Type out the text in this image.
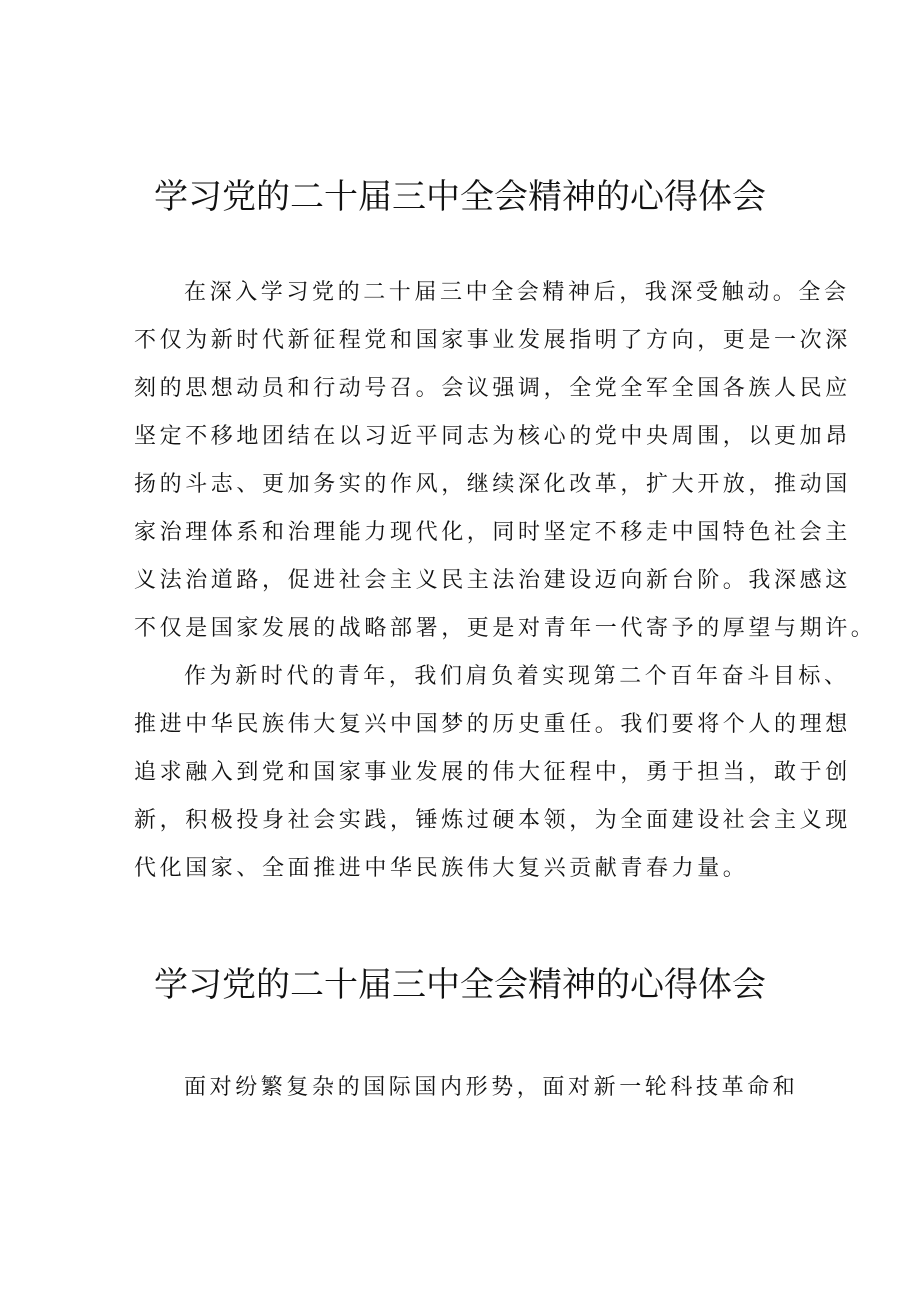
学习党的二十届三中全会精神的心得体会
在深入学习党的二十届三中全会精神后，我深受触动。全会
不仅为新时代新征程党和国家事业发展指明了方向，更是一次深
刻的思想动员和行动号召。会议强调，全党全军全国各族人民应
坚定不移地团结在以习近平同志为核心的党中央周围，以更加昂
扬的斗志、更加务实的作风，继续深化改革，扩大开放，推动国
家治理体系和治理能力现代化，同时坚定不移走中国特色社会主
义法治道路，促进社会主义民主法治建设迈向新台阶。我深感这
不仅是国家发展的战略部署，更是对青年一代寄予的厚望与期许。
作为新时代的青年，我们肩负着实现第二个百年奋斗目标、
推进中华民族伟大复兴中国梦的历史重任。我们要将个人的理想
追求融入到党和国家事业发展的伟大征程中，勇于担当，敢于创
新，积极投身社会实践，锤炼过硬本领，为全面建设社会主义现
代化国家、全面推进中华民族伟大复兴贡献青春力量。
学习党的二十届三中全会精神的心得体会
面对纷繁复杂的国际国内形势，面对新一轮科技革命和
